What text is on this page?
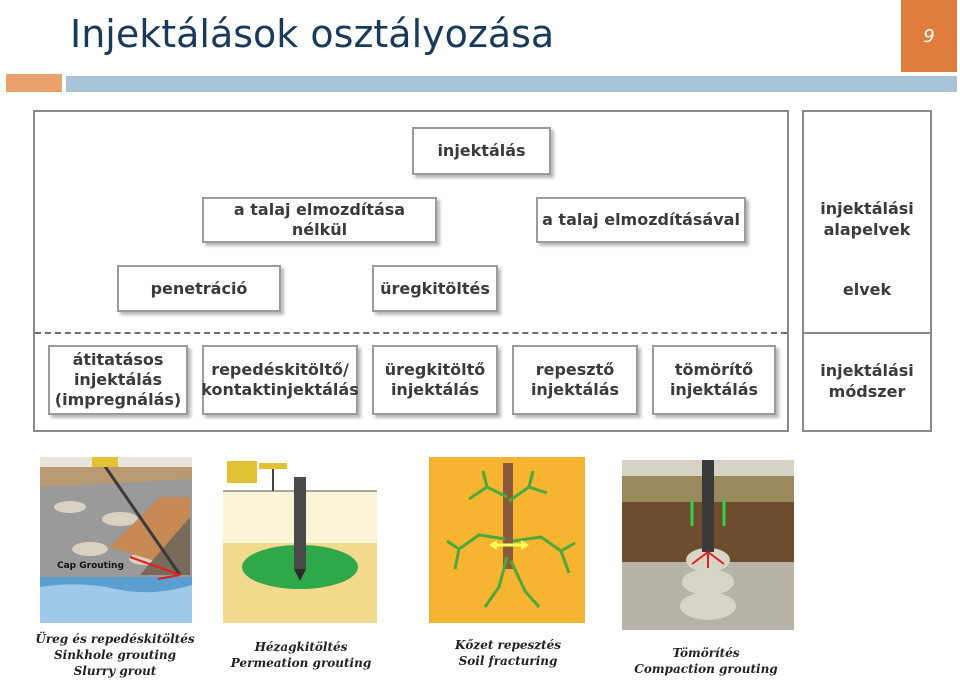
Injektálások osztályozása	9
injektálás
a talaj elmozdítása nélkül
a talaj elmozdításával
penetráció	üregkitöltés
átitatásos
injektálás
(impregnálás)
repedéskitöltő/
kontaktinjektálás
üregkitöltő
injektálás
repesztő
injektálás
tömörítő
injektálás
injektálási
alapelvek
elvek
injektálási
módszer
Cap Grouting
Üreg és repedéskitöltés
Sinkhole grouting
Slurry grout
Hézagkitöltés
Permeation grouting
Kőzet repesztés
Soil fracturing
Tömörítés
Compaction grouting
